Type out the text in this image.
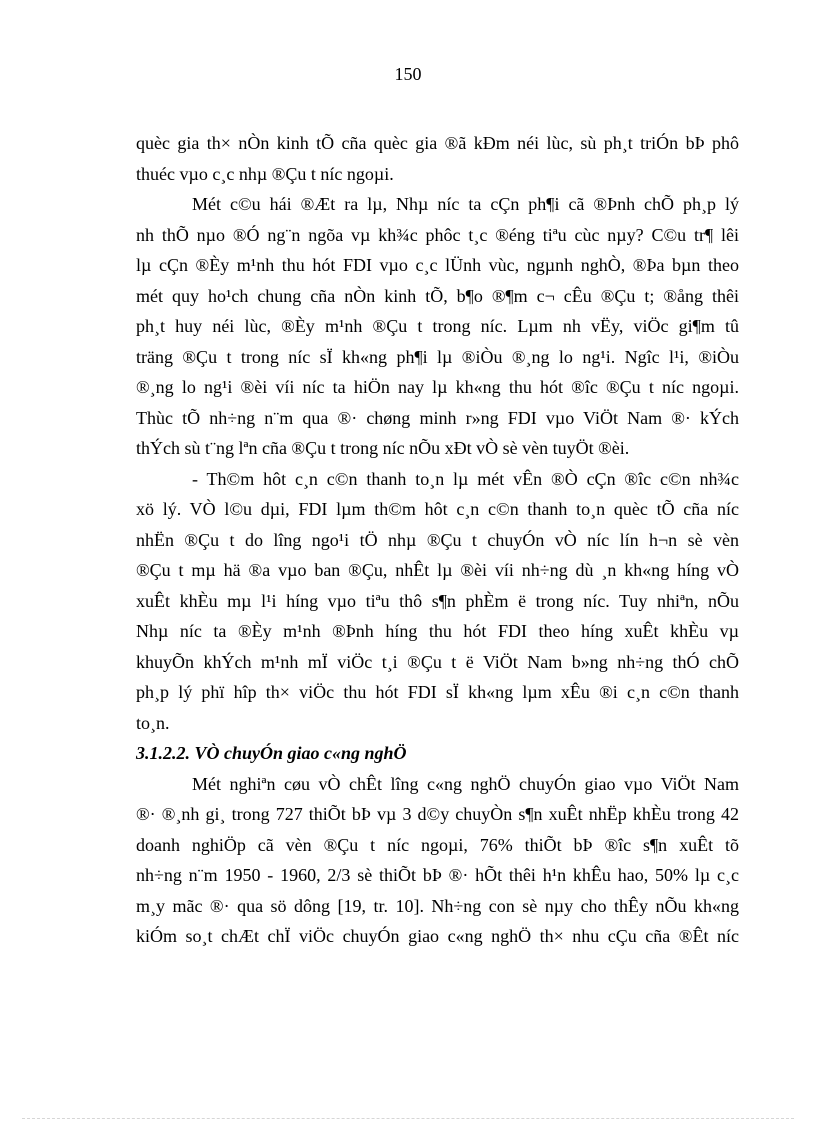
150
quèc gia th× nÒn kinh tÕ cña quèc gia ®ã kÐm néi lùc, sù ph¸t triÓn bÞ phô
thuéc vµo c¸c nhµ ®Çu t níc ngoµi.
Mét c©u hái ®Æt ra lµ, Nhµ níc ta cÇn ph¶i cã ®Þnh chÕ ph¸p lý
nh thÕ nµo ®Ó ng¨n ngõa vµ kh¾c phôc t¸c ®éng tiªu cùc nµy? C©u tr¶ lêi
lµ cÇn ®Èy m¹nh thu hót FDI vµo c¸c lÜnh vùc, ngµnh nghÒ, ®Þa bµn theo
mét quy ho¹ch chung cña nÒn kinh tÕ, b¶o ®¶m c¬ cÊu ®Çu t; ®ång thêi
ph¸t huy néi lùc, ®Èy m¹nh ®Çu t trong níc. Lµm nh vËy, viÖc gi¶m tû
träng ®Çu t trong níc sÏ kh«ng ph¶i lµ ®iÒu ®¸ng lo ng¹i. Ngîc l¹i, ®iÒu
®¸ng lo ng¹i ®èi víi níc ta hiÖn nay lµ kh«ng thu hót ®îc ®Çu t níc ngoµi.
Thùc tÕ nh÷ng n¨m qua ®· chøng minh r»ng FDI vµo ViÖt Nam ®· kÝch
thÝch sù t¨ng lªn cña ®Çu t trong níc nÕu xÐt vÒ sè vèn tuyÖt ®èi.
- Th©m hôt c¸n c©n thanh to¸n lµ mét vÊn ®Ò cÇn ®îc c©n nh¾c
xö lý. VÒ l©u dµi, FDI lµm th©m hôt c¸n c©n thanh to¸n quèc tÕ cña níc
nhËn ®Çu t do lîng ngo¹i tÖ nhµ ®Çu t chuyÓn vÒ níc lín h¬n sè vèn
®Çu t mµ hä ®a vµo ban ®Çu, nhÊt lµ ®èi víi nh÷ng dù ¸n kh«ng híng vÒ
xuÊt khÈu mµ l¹i híng vµo tiªu thô s¶n phÈm ë trong níc. Tuy nhiªn, nÕu
Nhµ níc ta ®Èy m¹nh ®Þnh híng thu hót FDI theo híng xuÊt khÈu vµ
khuyÕn khÝch m¹nh mÏ viÖc t¸i ®Çu t ë ViÖt Nam b»ng nh÷ng thÓ chÕ
ph¸p lý phï hîp th× viÖc thu hót FDI sÏ kh«ng lµm xÊu ®i c¸n c©n thanh
to¸n.
3.1.2.2. VÒ chuyÓn giao c«ng nghÖ
Mét nghiªn cøu vÒ chÊt lîng c«ng nghÖ chuyÓn giao vµo ViÖt Nam
®· ®¸nh gi¸ trong 727 thiÕt bÞ vµ 3 d©y chuyÒn s¶n xuÊt nhËp khÈu trong 42
doanh nghiÖp cã vèn ®Çu t níc ngoµi, 76% thiÕt bÞ ®îc s¶n xuÊt tõ
nh÷ng n¨m 1950 - 1960, 2/3 sè thiÕt bÞ ®· hÕt thêi h¹n khÊu hao, 50% lµ c¸c
m¸y mãc ®· qua sö dông [19, tr. 10]. Nh÷ng con sè nµy cho thÊy nÕu kh«ng
kiÓm so¸t chÆt chÏ viÖc chuyÓn giao c«ng nghÖ th× nhu cÇu cña ®Êt níc
